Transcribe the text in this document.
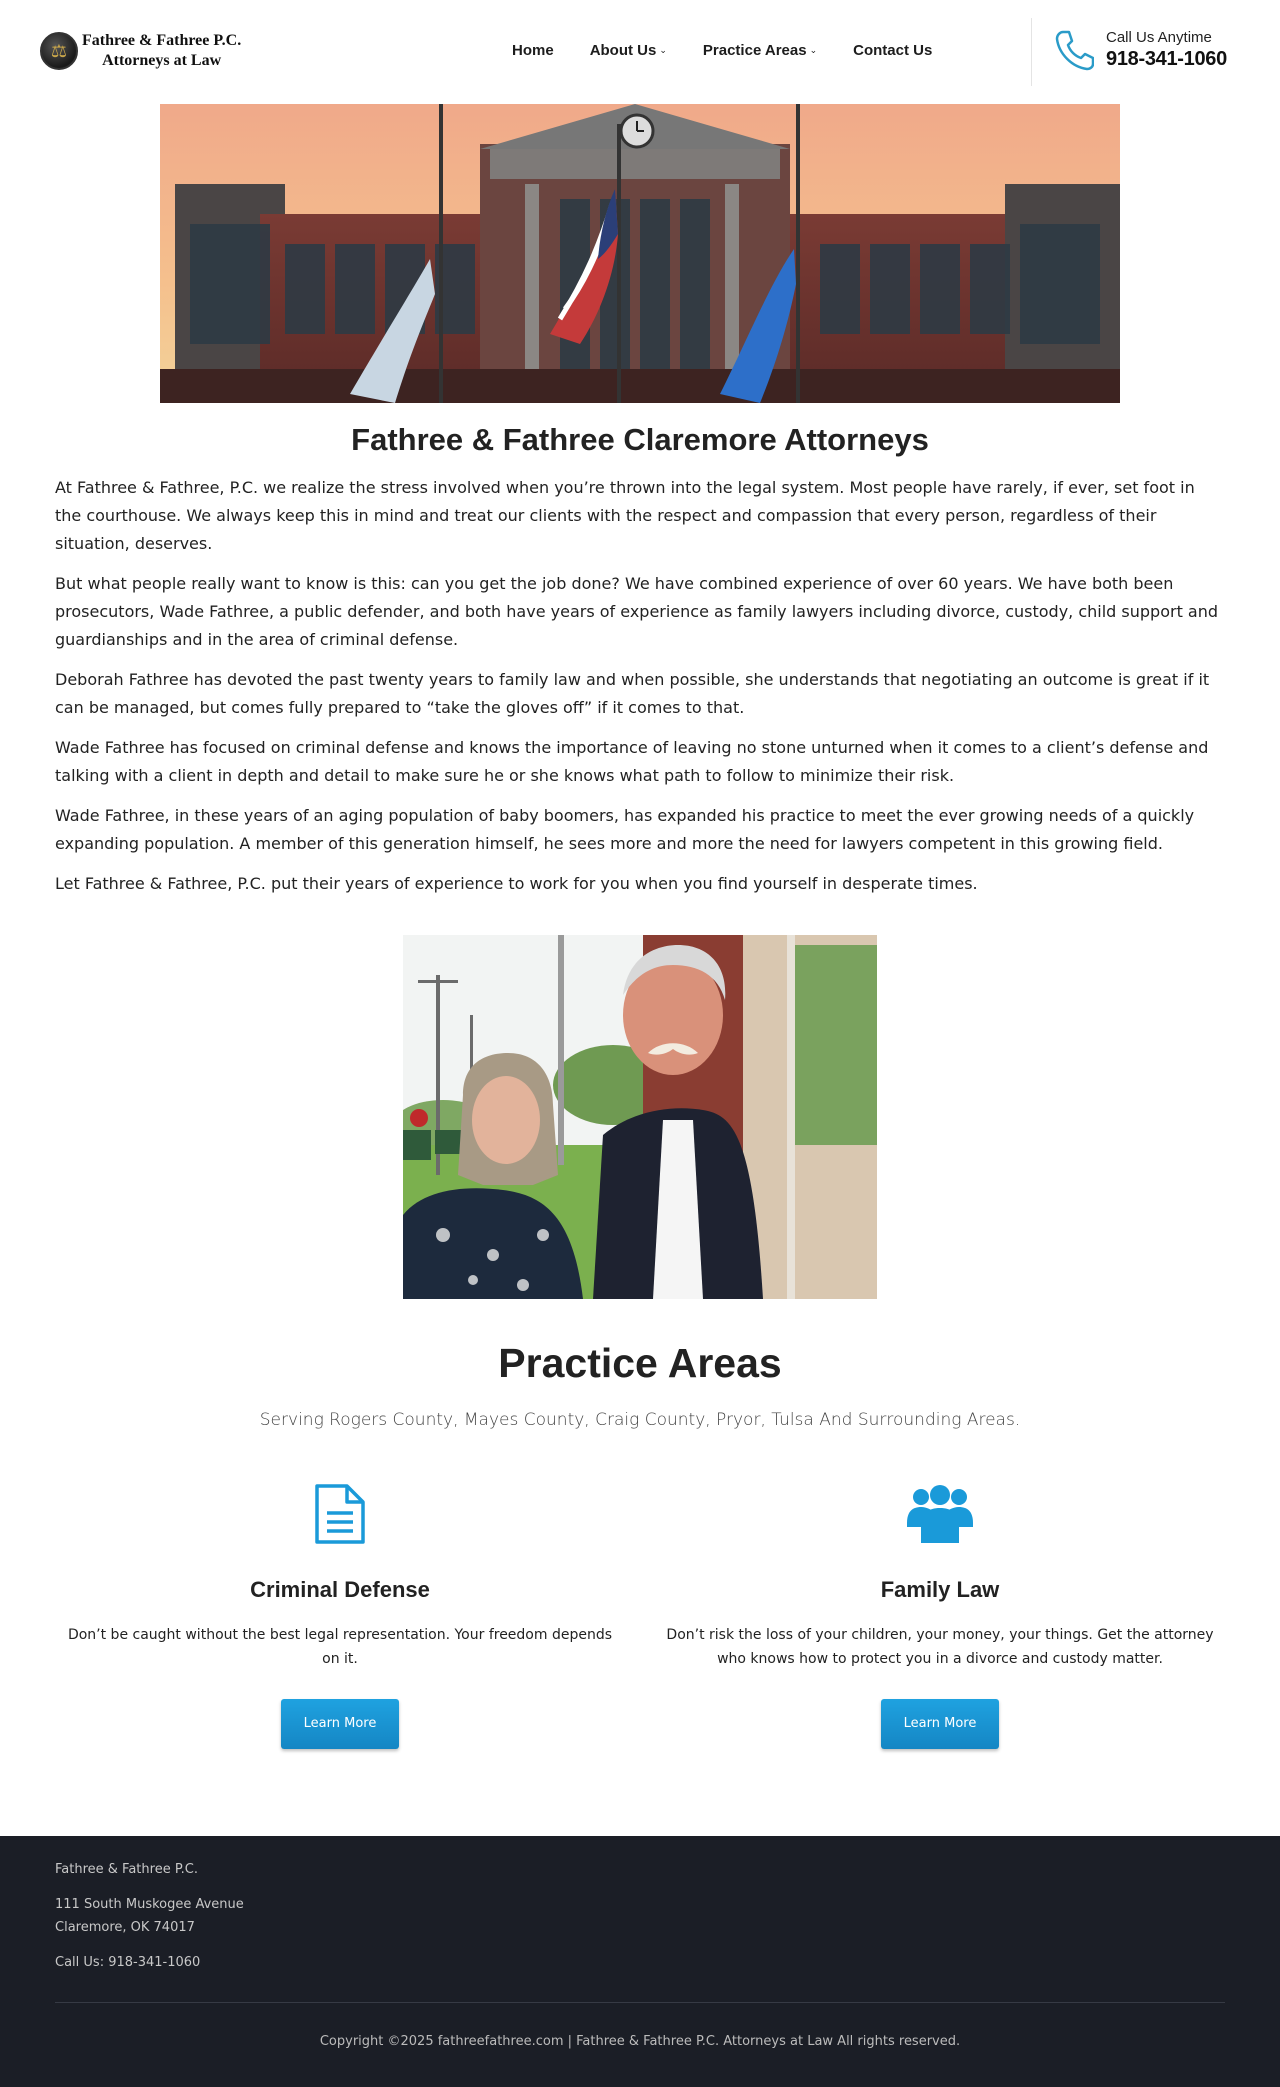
⚖ Fathree & Fathree P.C.
Attorneys at Law
Home About Us ⌄ Practice Areas ⌄ Contact Us
Call Us Anytime
918-341-1060
Fathree & Fathree Claremore Attorneys

At Fathree & Fathree, P.C. we realize the stress involved when you’re thrown into the legal system. Most people have rarely, if ever, set foot in the courthouse. We always keep this in mind and treat our clients with the respect and compassion that every person, regardless of their situation, deserves.

But what people really want to know is this: can you get the job done? We have combined experience of over 60 years. We have both been prosecutors, Wade Fathree, a public defender, and both have years of experience as family lawyers including divorce, custody, child support and guardianships and in the area of criminal defense.

Deborah Fathree has devoted the past twenty years to family law and when possible, she understands that negotiating an outcome is great if it can be managed, but comes fully prepared to “take the gloves off” if it comes to that.

Wade Fathree has focused on criminal defense and knows the importance of leaving no stone unturned when it comes to a client’s defense and talking with a client in depth and detail to make sure he or she knows what path to follow to minimize their risk.

Wade Fathree, in these years of an aging population of baby boomers, has expanded his practice to meet the ever growing needs of a quickly expanding population. A member of this generation himself, he sees more and more the need for lawyers competent in this growing field.

Let Fathree & Fathree, P.C. put their years of experience to work for you when you find yourself in desperate times.

Practice Areas
Serving Rogers County, Mayes County, Craig County, Pryor, Tulsa And Surrounding Areas.
Criminal Defense

Don’t be caught without the best legal representation. Your freedom depends on it.

Learn More
Family Law

Don’t risk the loss of your children, your money, your things. Get the attorney who knows how to protect you in a divorce and custody matter.

Learn More
Fathree & Fathree P.C.
111 South Muskogee Avenue
Claremore, OK 74017
Call Us: 918-341-1060
Copyright ©2025 fathreefathree.com | Fathree & Fathree P.C. Attorneys at Law All rights reserved.
